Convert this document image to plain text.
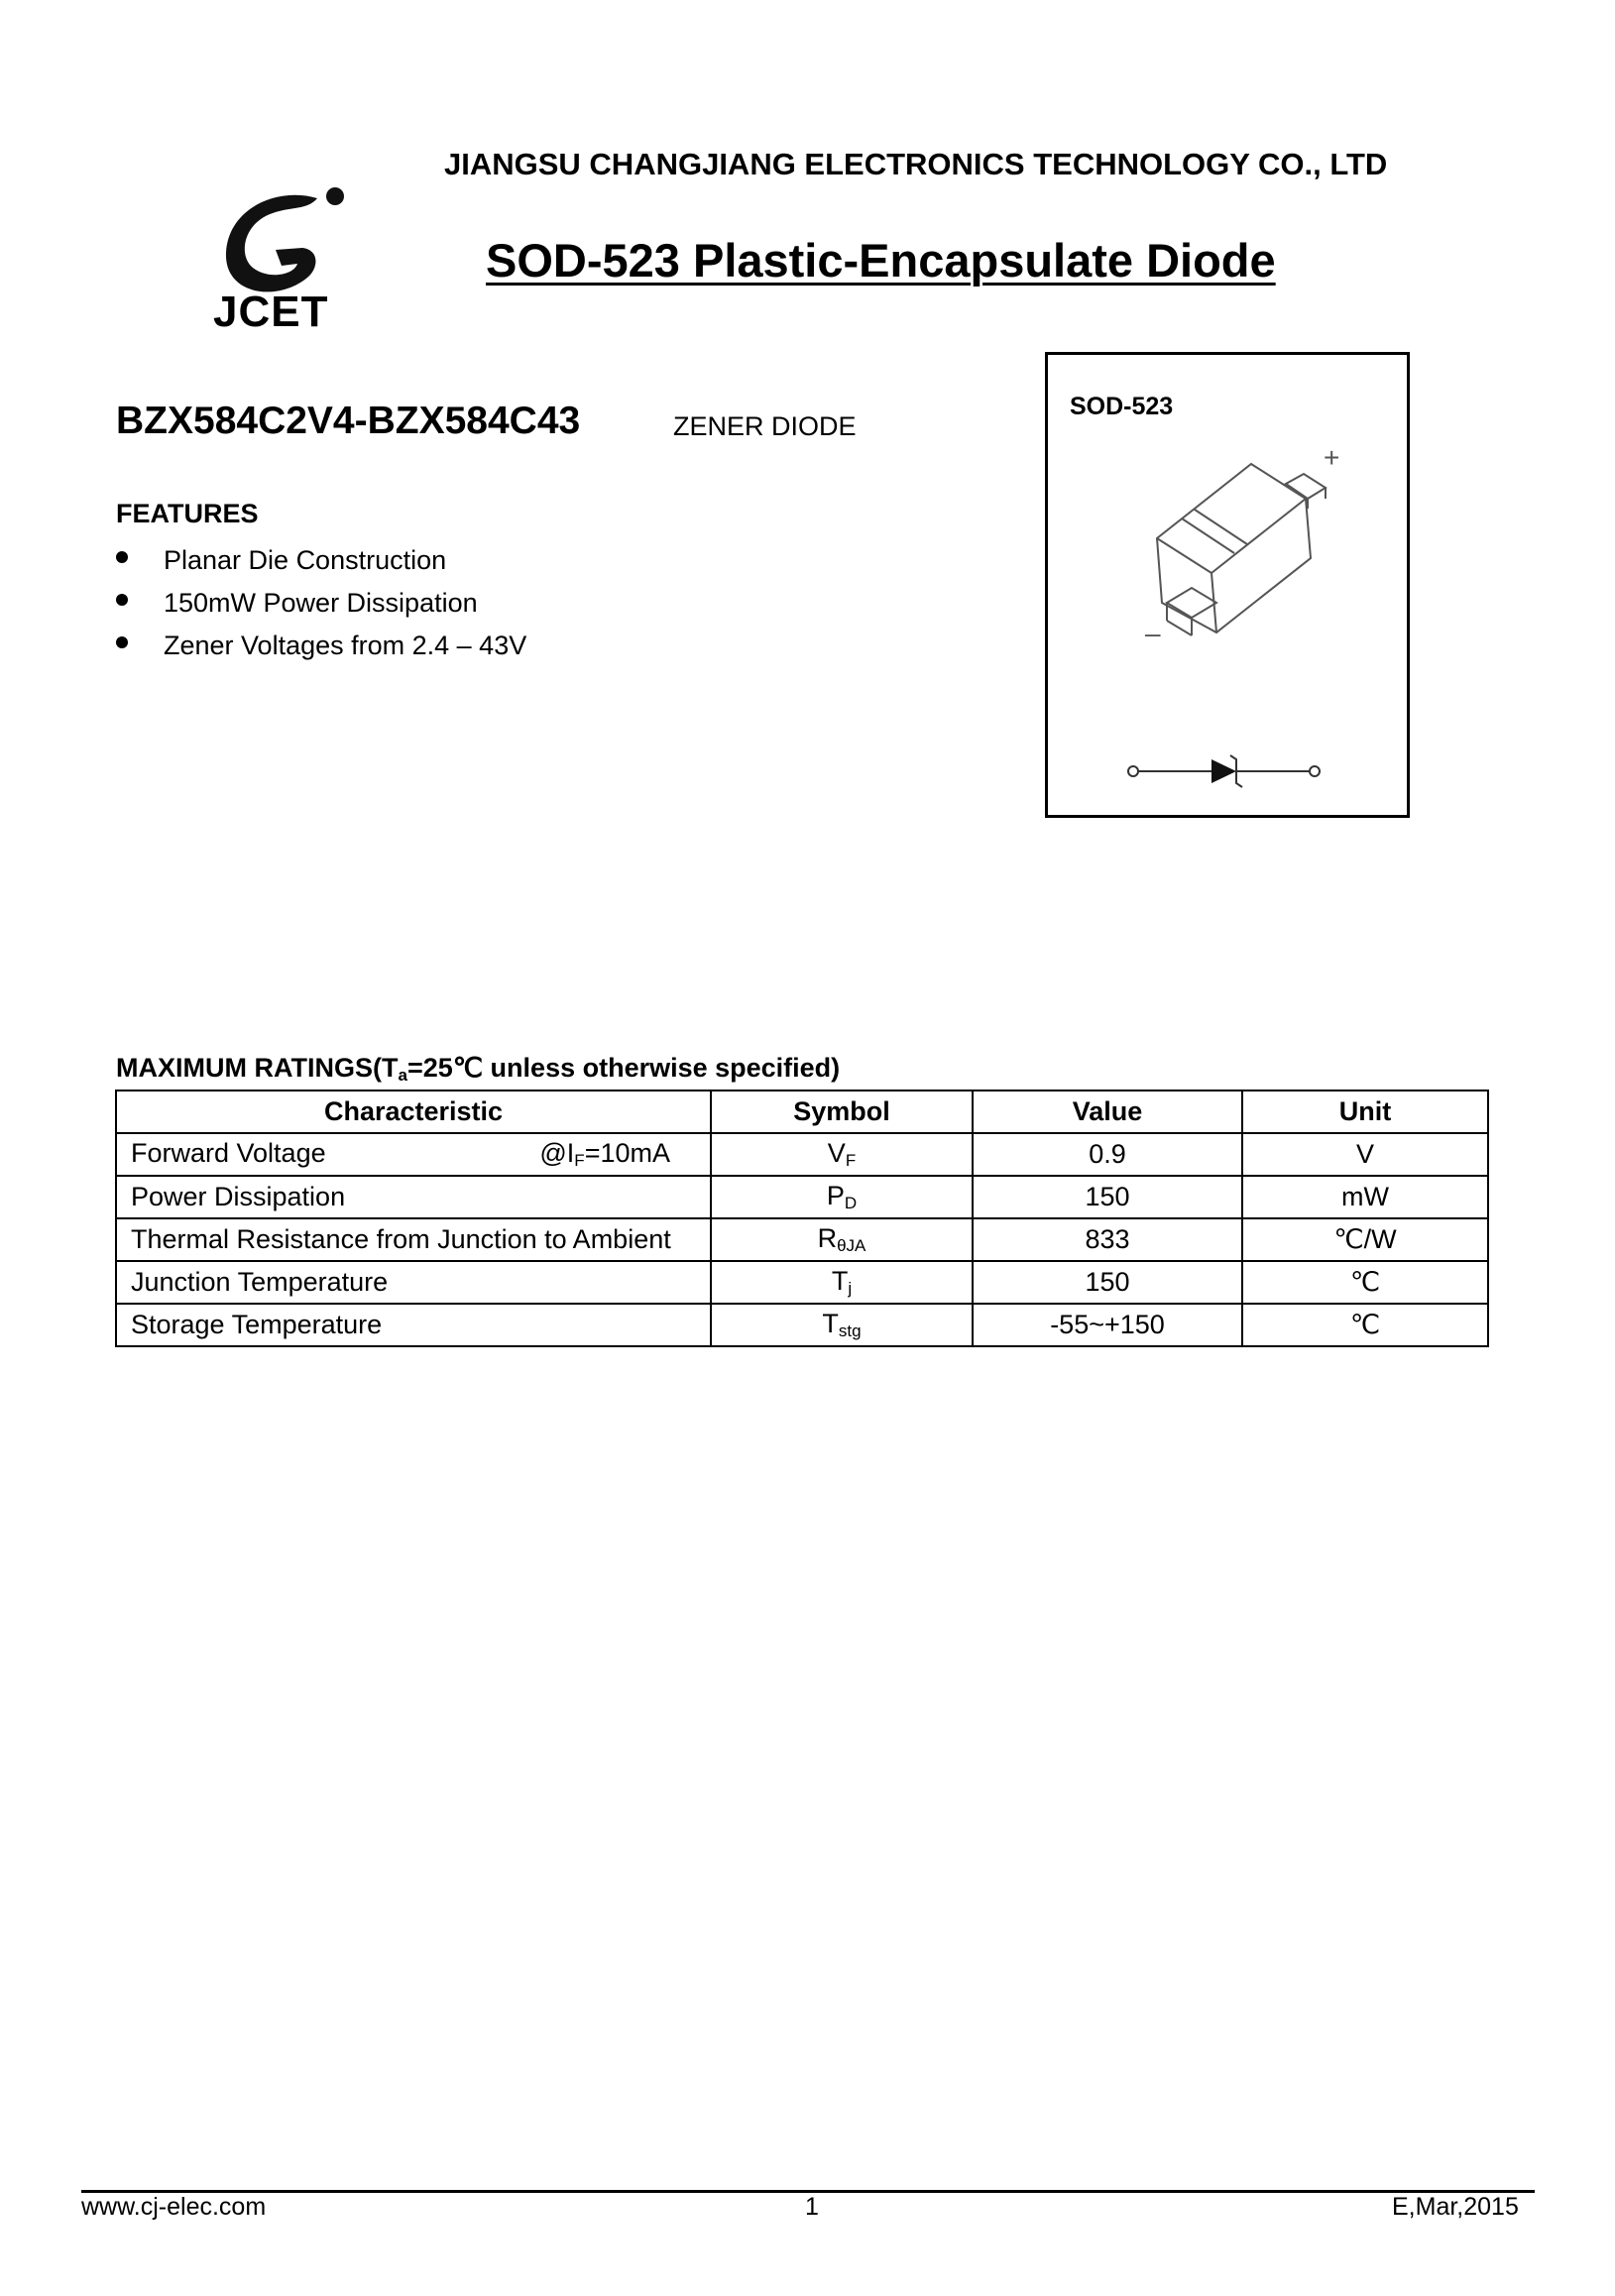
JCET
JIANGSU CHANGJIANG ELECTRONICS TECHNOLOGY CO., LTD
SOD-523 Plastic-Encapsulate Diode
BZX584C2V4-BZX584C43	ZENER DIODE
FEATURES
Planar Die Construction
150mW Power Dissipation
Zener Voltages from 2.4 – 43V
SOD-523
+
–
MAXIMUM $RATINGS(T_a=25℃$ unless otherwise specified)
Characteristic	Symbol	Value	Unit
Forward Voltage $@I_F=10mA$	$V_F$	0.9	V
Power Dissipation	$P_D$	150	mW
Thermal Resistance from Junction to Ambient	$R_{\theta JA}$	833	℃/W
Junction Temperature	$T_j$	150	℃
Storage Temperature	$T_{stg}$	-55~+150	℃
www.cj-elec.com	1	E,Mar,2015
